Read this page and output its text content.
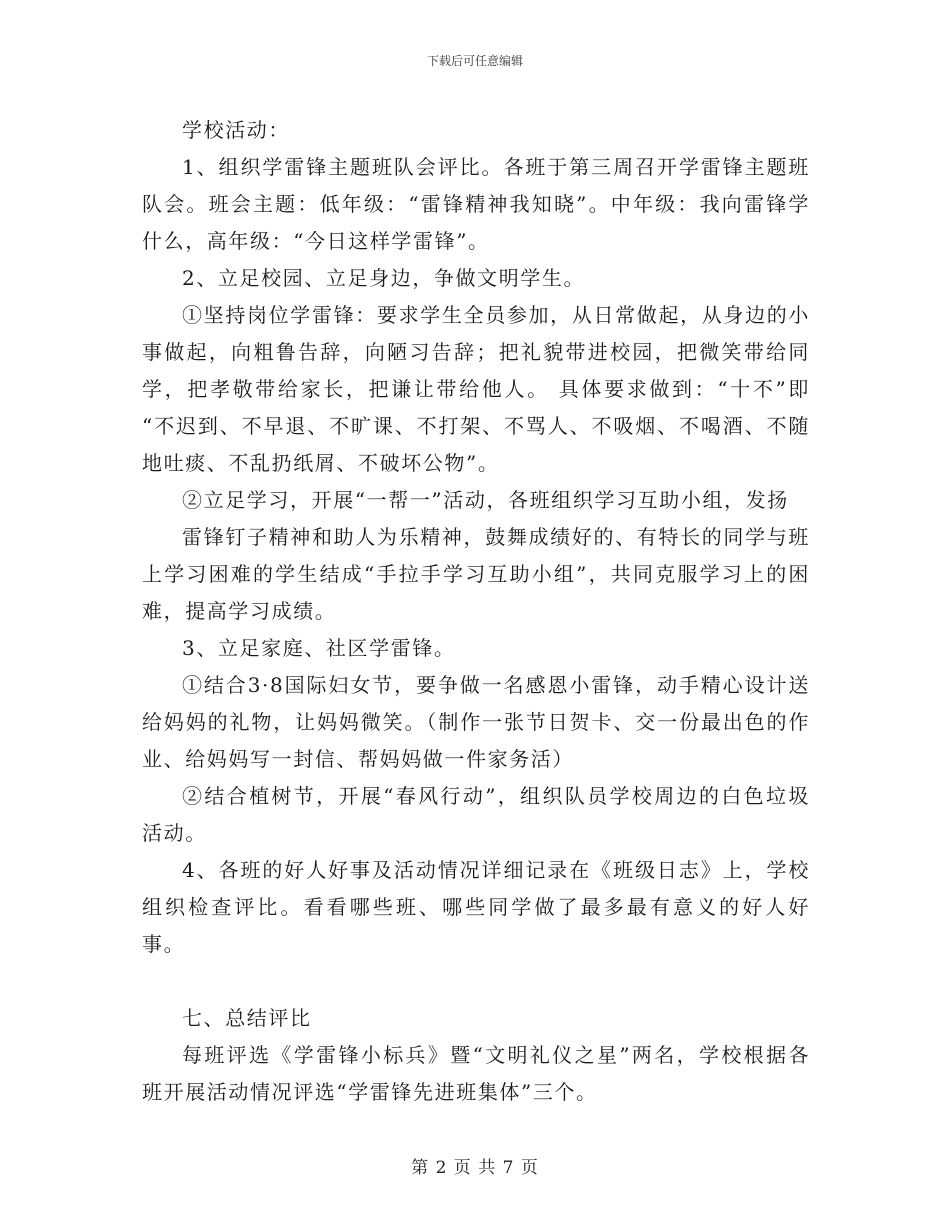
下载后可任意编辑

学校活动：

1、组织学雷锋主题班队会评比。各班于第三周召开学雷锋主题班队会。班会主题：低年级：“雷锋精神我知晓”。中年级：我向雷锋学什么，高年级：“今日这样学雷锋”。

2、立足校园、立足身边，争做文明学生。

①坚持岗位学雷锋：要求学生全员参加，从日常做起，从身边的小事做起，向粗鲁告辞，向陋习告辞；把礼貌带进校园，把微笑带给同学，把孝敬带给家长，把谦让带给他人。 具体要求做到：“十不”即 “不迟到、不早退、不旷课、不打架、不骂人、不吸烟、不喝酒、不随地吐痰、不乱扔纸屑、不破坏公物”。

②立足学习，开展“一帮一”活动，各班组织学习互助小组，发扬

雷锋钉子精神和助人为乐精神，鼓舞成绩好的、有特长的同学与班上学习困难的学生结成“手拉手学习互助小组”，共同克服学习上的困难，提高学习成绩。

3、立足家庭、社区学雷锋。

①结合3·8国际妇女节，要争做一名感恩小雷锋，动手精心设计送给妈妈的礼物，让妈妈微笑。（制作一张节日贺卡、交一份最出色的作业、给妈妈写一封信、帮妈妈做一件家务活）

②结合植树节，开展“春风行动”，组织队员学校周边的白色垃圾活动。

4、各班的好人好事及活动情况详细记录在《班级日志》上，学校组织检查评比。看看哪些班、哪些同学做了最多最有意义的好人好事。

七、总结评比

每班评选《学雷锋小标兵》暨“文明礼仪之星”两名，学校根据各班开展活动情况评选“学雷锋先进班集体”三个。

第 2 页 共 7 页
